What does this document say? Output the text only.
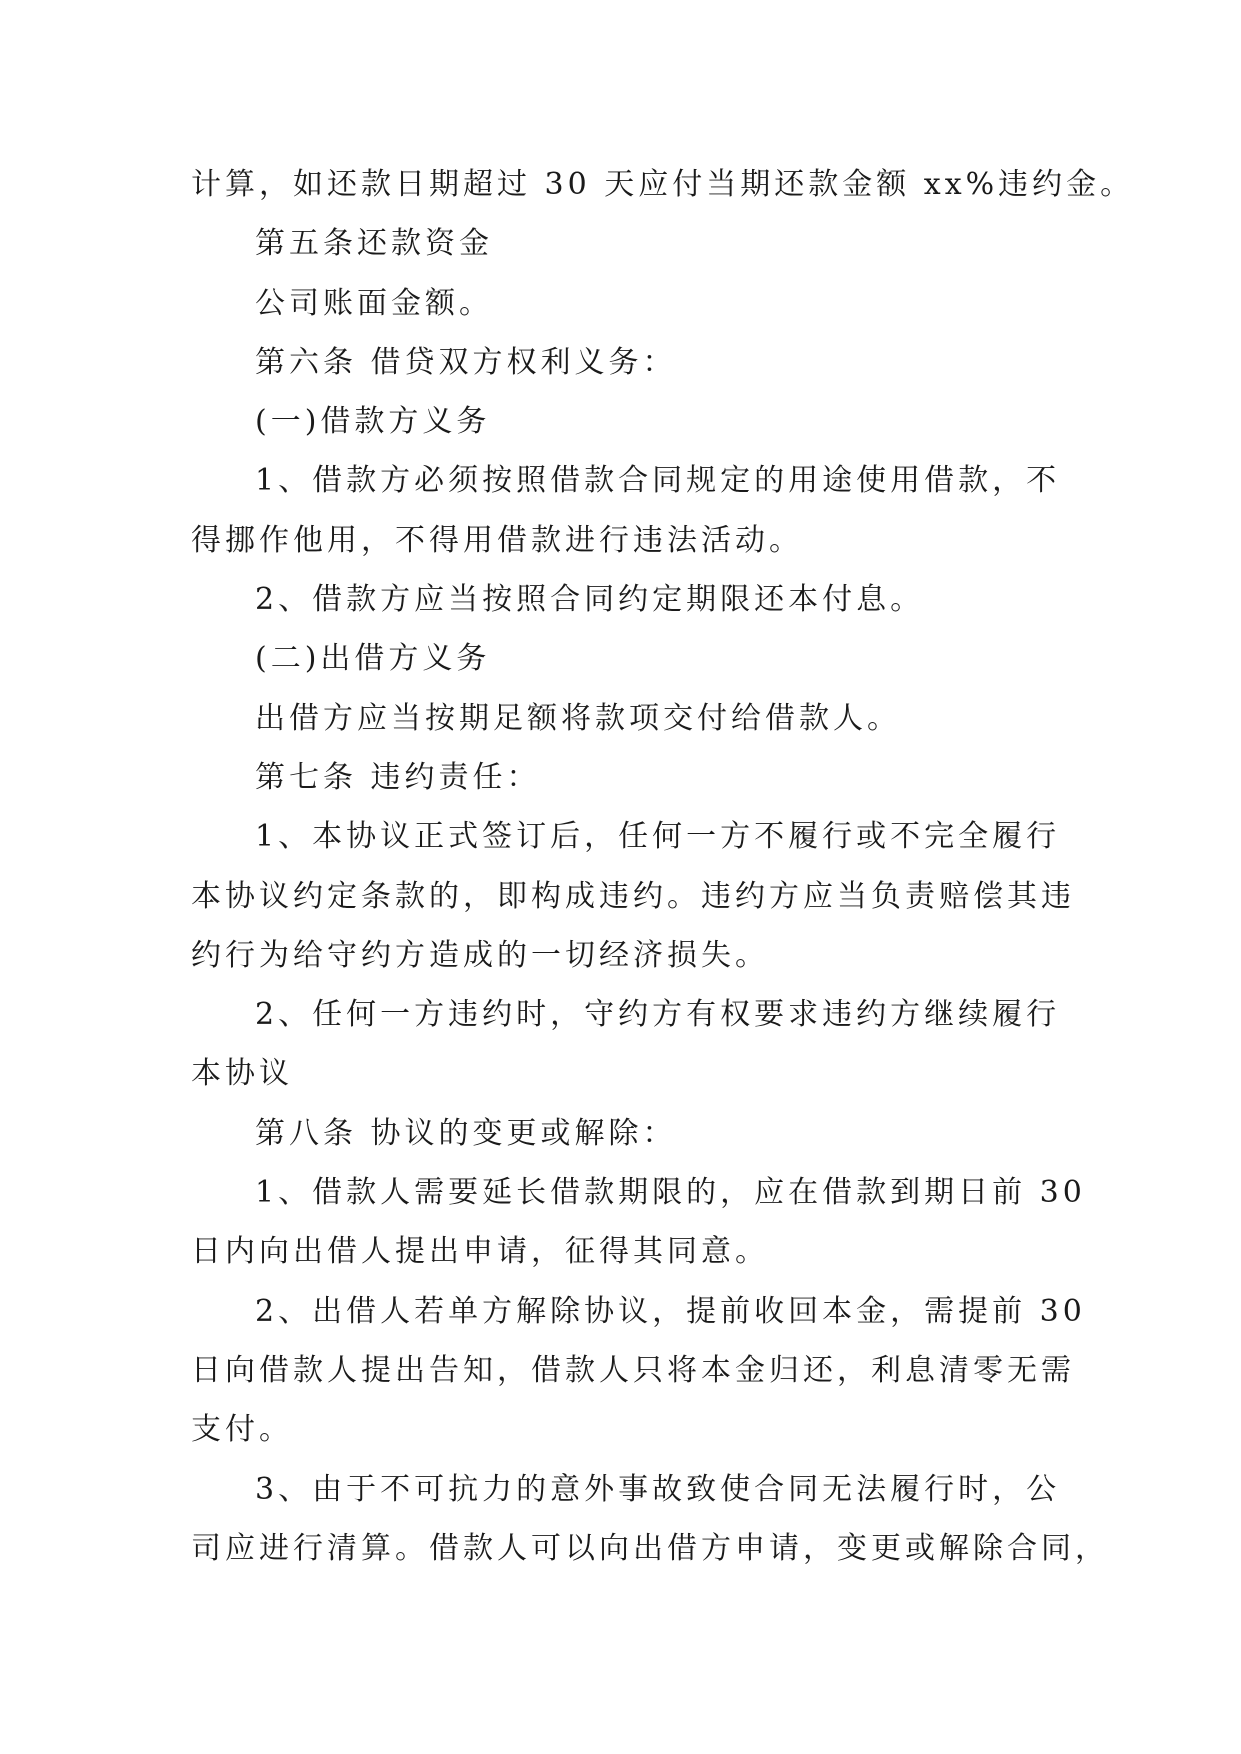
计算，如还款日期超过 30 天应付当期还款金额 xx%违约金。
第五条还款资金
公司账面金额。
第六条 借贷双方权利义务：
(一)借款方义务
1、借款方必须按照借款合同规定的用途使用借款，不
得挪作他用，不得用借款进行违法活动。
2、借款方应当按照合同约定期限还本付息。
(二)出借方义务
出借方应当按期足额将款项交付给借款人。
第七条 违约责任：
1、本协议正式签订后，任何一方不履行或不完全履行
本协议约定条款的，即构成违约。违约方应当负责赔偿其违
约行为给守约方造成的一切经济损失。
2、任何一方违约时，守约方有权要求违约方继续履行
本协议
第八条 协议的变更或解除：
1、借款人需要延长借款期限的，应在借款到期日前 30
日内向出借人提出申请，征得其同意。
2、出借人若单方解除协议，提前收回本金，需提前 30
日向借款人提出告知，借款人只将本金归还，利息清零无需
支付。
3、由于不可抗力的意外事故致使合同无法履行时，公
司应进行清算。借款人可以向出借方申请，变更或解除合同，
